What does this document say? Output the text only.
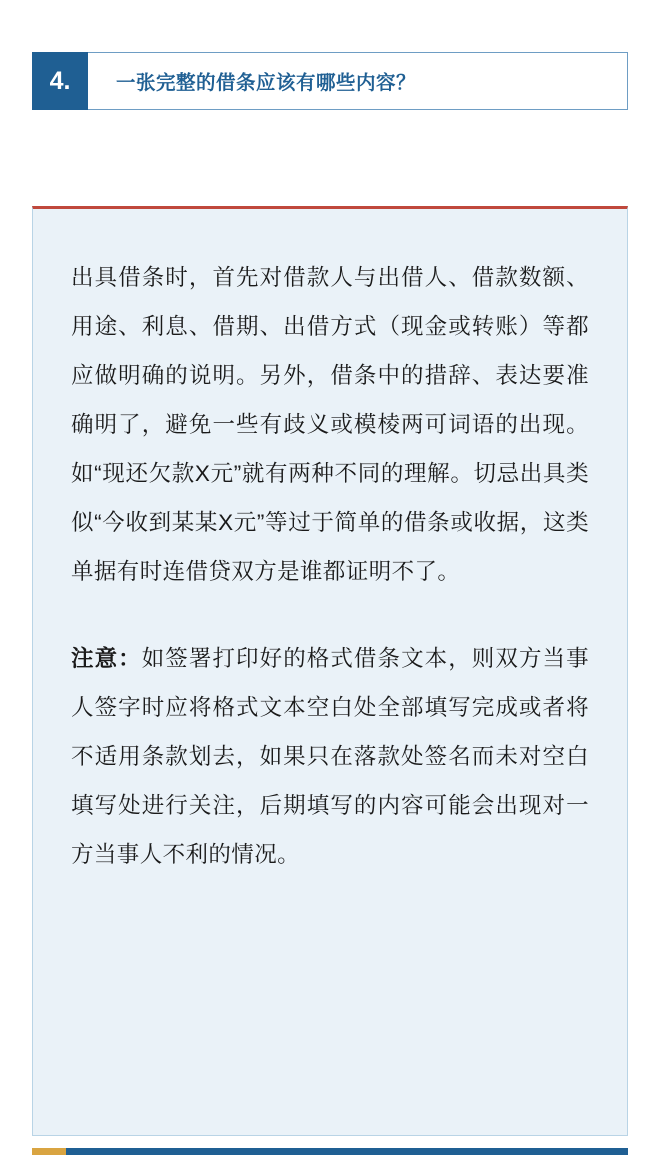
4. 一张完整的借条应该有哪些内容？

出具借条时，首先对借款人与出借人、借款数额、用途、利息、借期、出借方式（现金或转账）等都应做明确的说明。另外，借条中的措辞、表达要准确明了，避免一些有歧义或模棱两可词语的出现。如“现还欠款X元”就有两种不同的理解。切忌出具类似“今收到某某X元”等过于简单的借条或收据，这类单据有时连借贷双方是谁都证明不了。

注意：如签署打印好的格式借条文本，则双方当事人签字时应将格式文本空白处全部填写完成或者将不适用条款划去，如果只在落款处签名而未对空白填写处进行关注，后期填写的内容可能会出现对一方当事人不利的情况。
